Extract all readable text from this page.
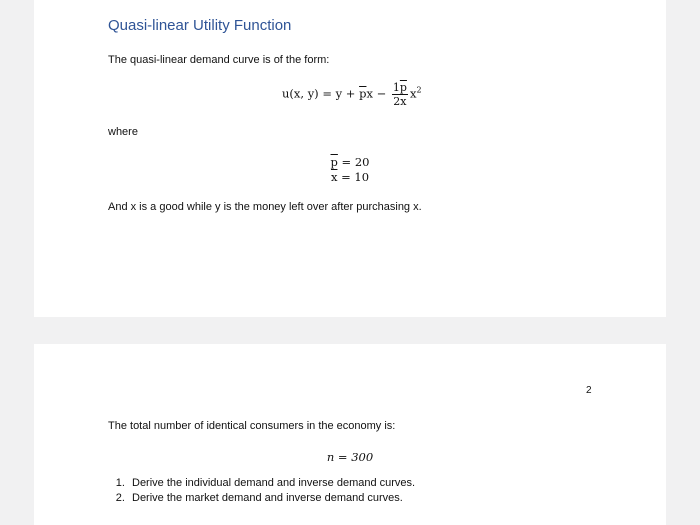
Quasi-linear Utility Function
The quasi-linear demand curve is of the form:
u(x, $y) = y + \overline{p}x - \frac{1\overline{p}}{2\overline{x}} x^2$
where
$\overline{p} = 20$
$\overline{x} = 10$
And x is a good while y is the money left over after purchasing x.
2
The total number of identical consumers in the economy is:
n = 300
1. Derive the individual demand and inverse demand curves.
2. Derive the market demand and inverse demand curves.
